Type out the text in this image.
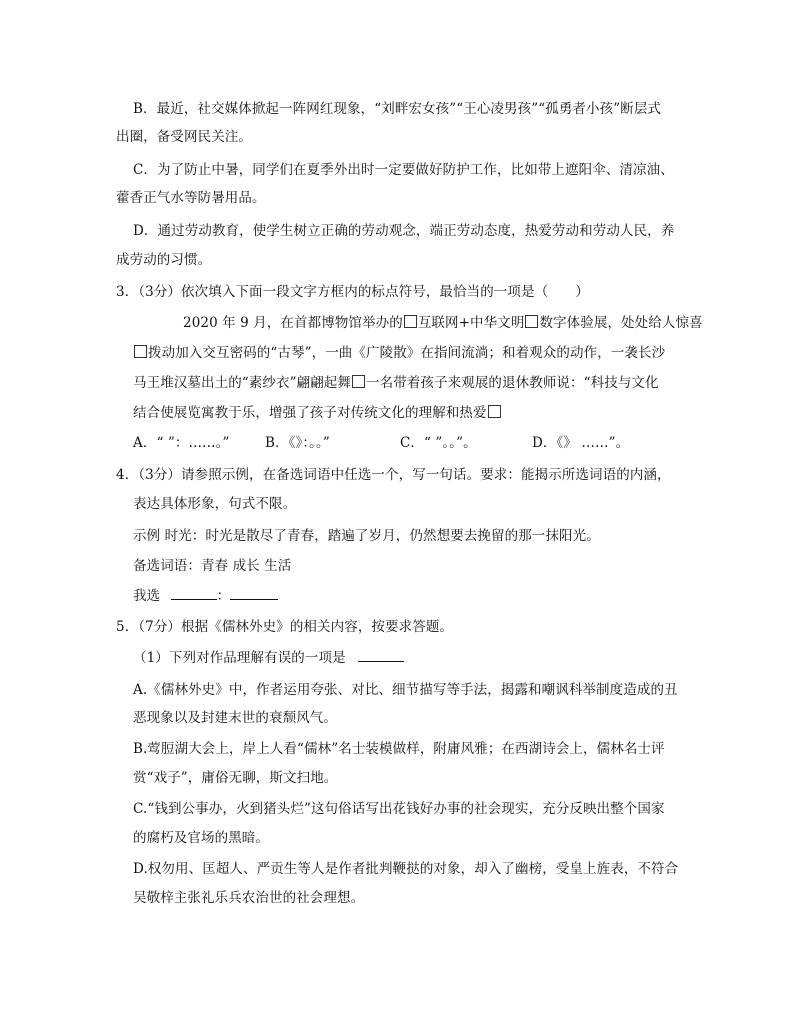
B．最近，社交媒体掀起一阵网红现象，“刘畔宏女孩”“王心凌男孩”“孤勇者小孩”断层式
出圈，备受网民关注。
C．为了防止中暑，同学们在夏季外出时一定要做好防护工作，比如带上遮阳伞、清凉油、
藿香正气水等防暑用品。
D．通过劳动教育，使学生树立正确的劳动观念，端正劳动态度，热爱劳动和劳动人民，养
成劳动的习惯。
3．（3分）依次填入下面一段文字方框内的标点符号，最恰当的一项是（　　）
2020 年 9 月，在首都博物馆举办的 互联网+中华文明 数字体验展，处处给人惊喜
拨动加入交互密码的“古琴”，一曲《广陵散》在指间流淌；和着观众的动作，一袭长沙
马王堆汉墓出土的“素纱衣”翩翩起舞 一名带着孩子来观展的退休教师说：“科技与文化
结合使展览寓教于乐，增强了孩子对传统文化的理解和热爱
A．“ ”：……。”	B．《》：。。”	C．“ ”。。”。	D．《》 ……”。
4．（3分）请参照示例，在备选词语中任选一个，写一句话。要求：能揭示所选词语的内涵，
表达具体形象，句式不限。
示例 时光：时光是散尽了青春，踏遍了岁月，仍然想要去挽留的那一抹阳光。
备选词语：青春 成长 生活
我选	：
5．（7分）根据《儒林外史》的相关内容，按要求答题。
（1）下列对作品理解有误的一项是
A.《儒林外史》中，作者运用夸张、对比、细节描写等手法，揭露和嘲讽科举制度造成的丑
恶现象以及封建末世的衰颓风气。
B.莺脰湖大会上，岸上人看“儒林”名士装模做样，附庸风雅；在西湖诗会上，儒林名士评
赏“戏子”，庸俗无聊，斯文扫地。
C.“钱到公事办，火到猪头烂”这句俗话写出花钱好办事的社会现实，充分反映出整个国家
的腐朽及官场的黑暗。
D.权勿用、匡超人、严贡生等人是作者批判鞭挞的对象，却入了幽榜，受皇上旌表，不符合
吴敬梓主张礼乐兵农治世的社会理想。
